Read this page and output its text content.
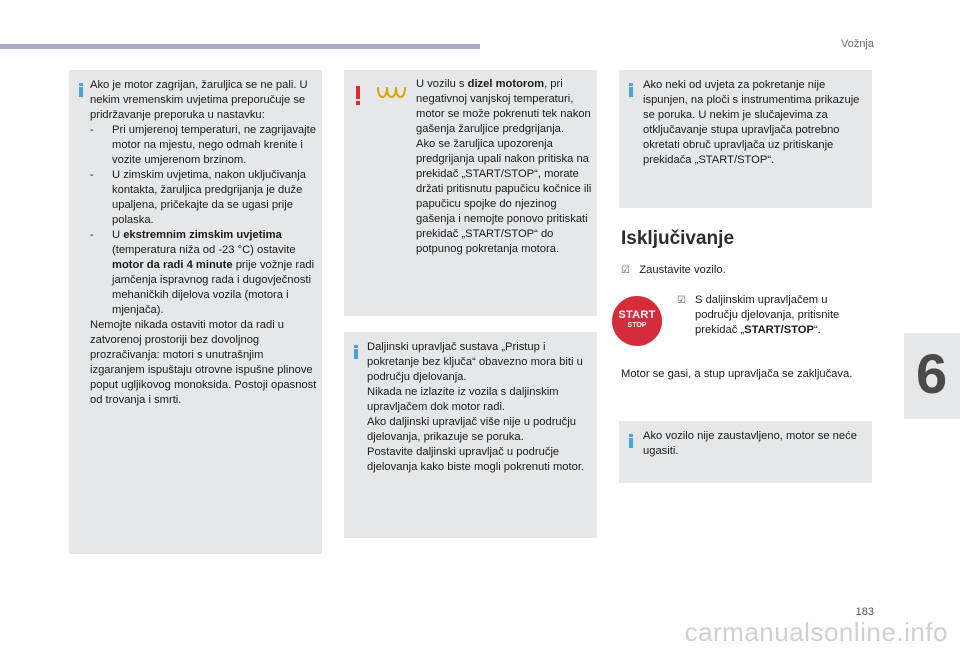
Vožnja
6
Ako je motor zagrijan, žaruljica se ne pali. U nekim vremenskim uvjetima preporučuje se pridržavanje preporuka u nastavku:
-	Pri umjerenoj temperaturi, ne zagrijavajte motor na mjestu, nego odmah krenite i vozite umjerenom brzinom.
-	U zimskim uvjetima, nakon uključivanja kontakta, žaruljica predgrijanja je duže upaljena, pričekajte da se ugasi prije polaska.
-	U ekstremnim zimskim uvjetima (temperatura niža od -23 °C) ostavite motor da radi 4 minute prije vožnje radi jamčenja ispravnog rada i dugovječnosti mehaničkih dijelova vozila (motora i mjenjača).
Nemojte nikada ostaviti motor da radi u zatvorenoj prostoriji bez dovoljnog prozračivanja: motori s unutrašnjim izgaranjem ispuštaju otrovne ispušne plinove poput ugljikovog monoksida. Postoji opasnost od trovanja i smrti.
U vozilu s dizel motorom, pri negativnoj vanjskoj temperaturi, motor se može pokrenuti tek nakon gašenja žaruljice predgrijanja.
Ako se žaruljica upozorenja predgrijanja upali nakon pritiska na prekidač „START/STOP“, morate držati pritisnutu papučicu kočnice ili papučicu spojke do njezinog gašenja i nemojte ponovo pritiskati prekidač „START/STOP“ do potpunog pokretanja motora.
Daljinski upravljač sustava „Pristup i pokretanje bez ključa“ obavezno mora biti u području djelovanja.
Nikada ne izlazite iz vozila s daljinskim upravljačem dok motor radi.
Ako daljinski upravljač više nije u području djelovanja, prikazuje se poruka.
Postavite daljinski upravljač u područje djelovanja kako biste mogli pokrenuti motor.
Ako neki od uvjeta za pokretanje nije ispunjen, na ploči s instrumentima prikazuje se poruka. U nekim je slučajevima za otključavanje stupa upravljača potrebno okretati obruč upravljača uz pritiskanje prekidača „START/STOP“.
Isključivanje
☑ Zaustavite vozilo.
START
STOP
☑ S daljinskim upravljačem u području djelovanja, pritisnite prekidač „START/STOP“.
Motor se gasi, a stup upravljača se zaključava.
Ako vozilo nije zaustavljeno, motor se neće ugasiti.
183
carmanualsonline.info
